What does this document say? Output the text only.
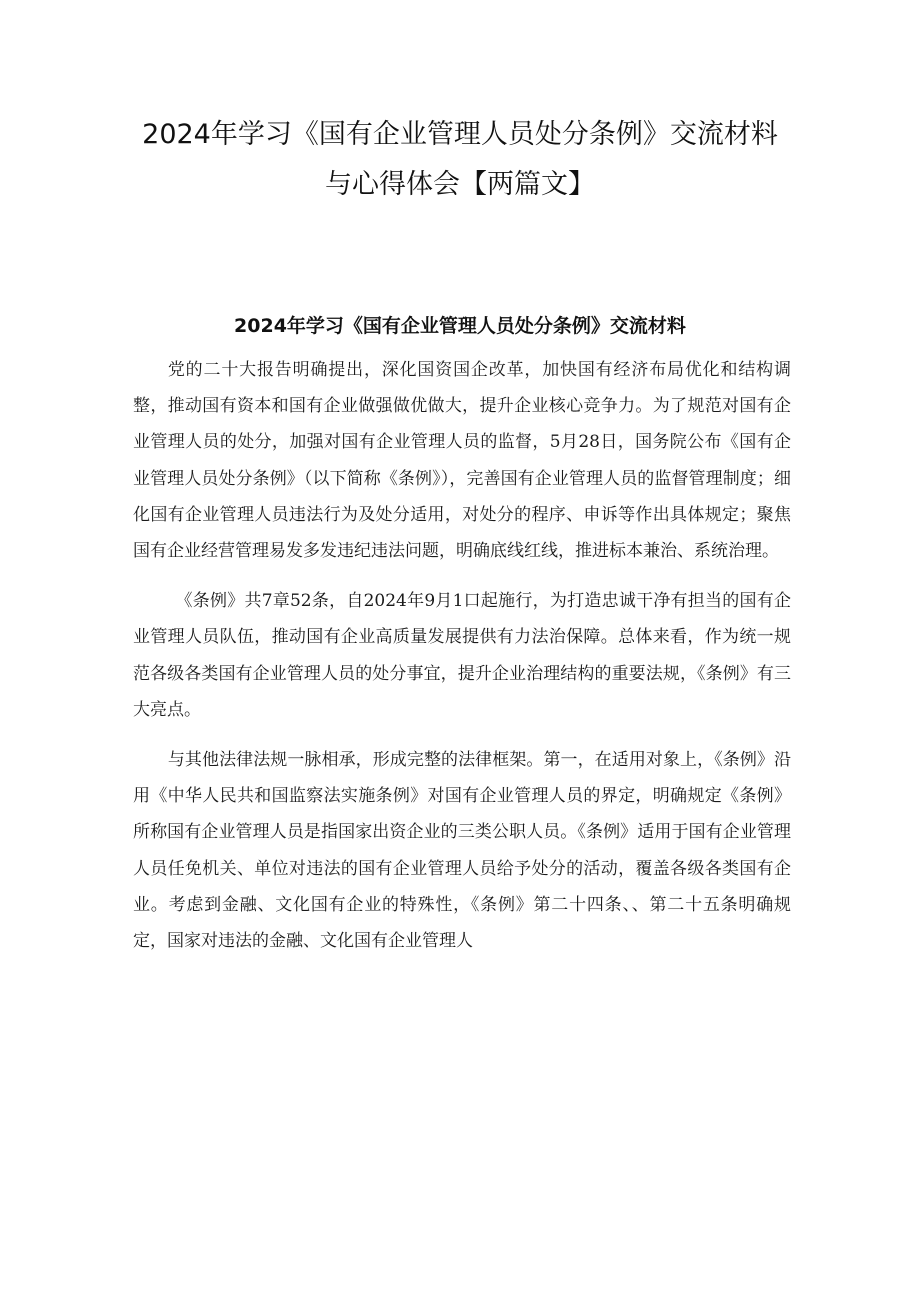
2024年学习《国有企业管理人员处分条例》交流材料
与心得体会【两篇文】
2024年学习《国有企业管理人员处分条例》交流材料

党的二十大报告明确提出，深化国资国企改革，加快国有经济布局优化和结构调整，推动国有资本和国有企业做强做优做大，提升企业核心竞争力。为了规范对国有企业管理人员的处分，加强对国有企业管理人员的监督，5月28日，国务院公布《国有企业管理人员处分条例》（以下简称《条例》），完善国有企业管理人员的监督管理制度；细化国有企业管理人员违法行为及处分适用，对处分的程序、申诉等作出具体规定；聚焦国有企业经营管理易发多发违纪违法问题，明确底线红线，推进标本兼治、系统治理。

《条例》共7章52条，自2024年9月1口起施行，为打造忠诚干净有担当的国有企业管理人员队伍，推动国有企业高质量发展提供有力法治保障。总体来看，作为统一规范各级各类国有企业管理人员的处分事宜，提升企业治理结构的重要法规，《条例》有三大亮点。

与其他法律法规一脉相承，形成完整的法律框架。第一，在适用对象上，《条例》沿用《中华人民共和国监察法实施条例》对国有企业管理人员的界定，明确规定《条例》所称国有企业管理人员是指国家出资企业的三类公职人员。《条例》适用于国有企业管理人员任免机关、单位对违法的国有企业管理人员给予处分的活动，覆盖各级各类国有企业。考虑到金融、文化国有企业的特殊性，《条例》第二十四条、、第二十五条明确规定，国家对违法的金融、文化国有企业管理人
